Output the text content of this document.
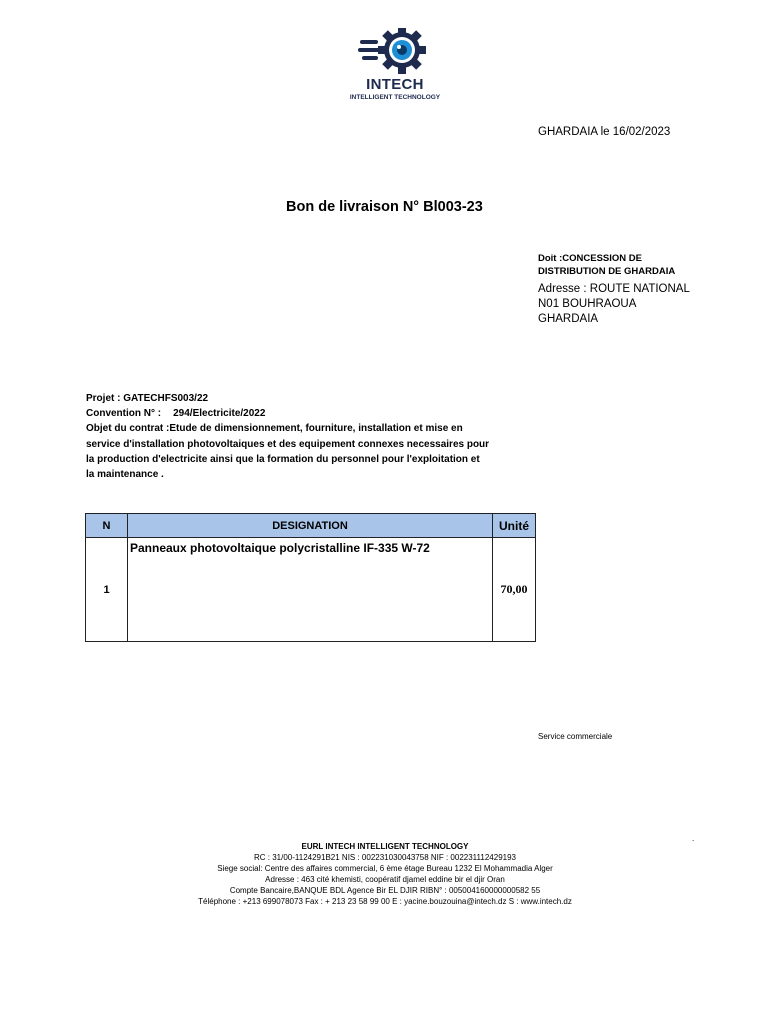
INTECH
INTELLIGENT TECHNOLOGY
GHARDAIA le 16/02/2023
Bon de livraison N° Bl003-23
Doit :CONCESSION DE
DISTRIBUTION DE GHARDAIA
Adresse : ROUTE NATIONAL
N01 BOUHRAOUA
GHARDAIA
Projet : GATECHFS003/22
Convention N° : 294/Electricite/2022
Objet du contrat :Etude de dimensionnement, fourniture, installation et mise en
service d'installation photovoltaiques et des equipement connexes necessaires pour
la production d'electricite ainsi que la formation du personnel pour l'exploitation et
la maintenance .
N	DESIGNATION	Unité
1	Panneaux photovoltaique polycristalline IF-335 W-72	70,00
Service commerciale
.
EURL INTECH INTELLIGENT TECHNOLOGY
RC : 31/00-1124291B21 NIS : 002231030043758 NIF : 002231112429193
Siege social: Centre des affaires commercial, 6 ème étage Bureau 1232 El Mohammadia Alger
Adresse : 463 cité khemisti, coopératif djamel eddine bir el djir Oran
Compte Bancaire,BANQUE BDL Agence Bir EL DJIR RIBN° : 005004160000000582 55
Téléphone : +213 699078073 Fax : + 213 23 58 99 00 E : yacine.bouzouina@intech.dz S : www.intech.dz
